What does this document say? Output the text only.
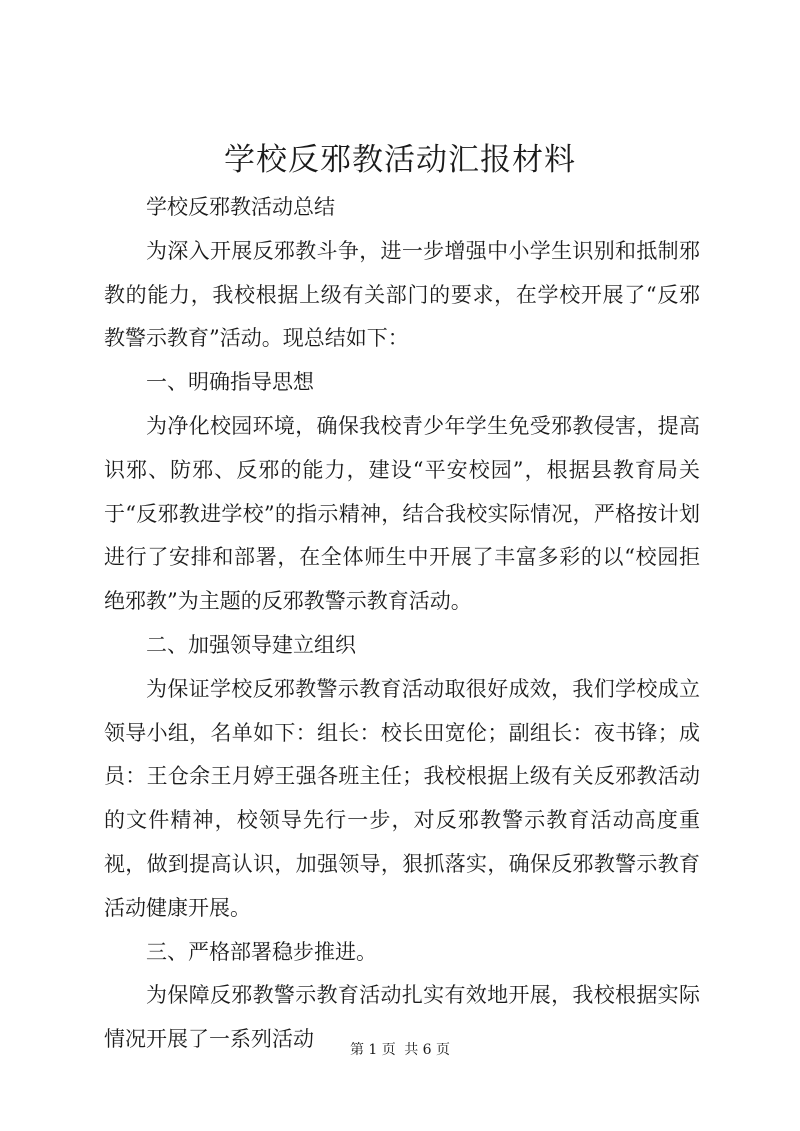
学校反邪教活动汇报材料

学校反邪教活动总结

为深入开展反邪教斗争，进一步增强中小学生识别和抵制邪教的能力，我校根据上级有关部门的要求，在学校开展了“反邪教警示教育”活动。现总结如下：

一、明确指导思想

为净化校园环境，确保我校青少年学生免受邪教侵害，提高识邪、防邪、反邪的能力，建设“平安校园”，根据县教育局关于“反邪教进学校”的指示精神，结合我校实际情况，严格按计划进行了安排和部署，在全体师生中开展了丰富多彩的以“校园拒绝邪教”为主题的反邪教警示教育活动。

二、加强领导建立组织

为保证学校反邪教警示教育活动取很好成效，我们学校成立领导小组，名单如下：组长：校长田宽伦；副组长：夜书锋；成员：王仓余王月婷王强各班主任；我校根据上级有关反邪教活动的文件精神，校领导先行一步，对反邪教警示教育活动高度重视，做到提高认识，加强领导，狠抓落实，确保反邪教警示教育活动健康开展。

三、严格部署稳步推进。

为保障反邪教警示教育活动扎实有效地开展，我校根据实际情况开展了一系列活动	第 1 页 共 6 页
